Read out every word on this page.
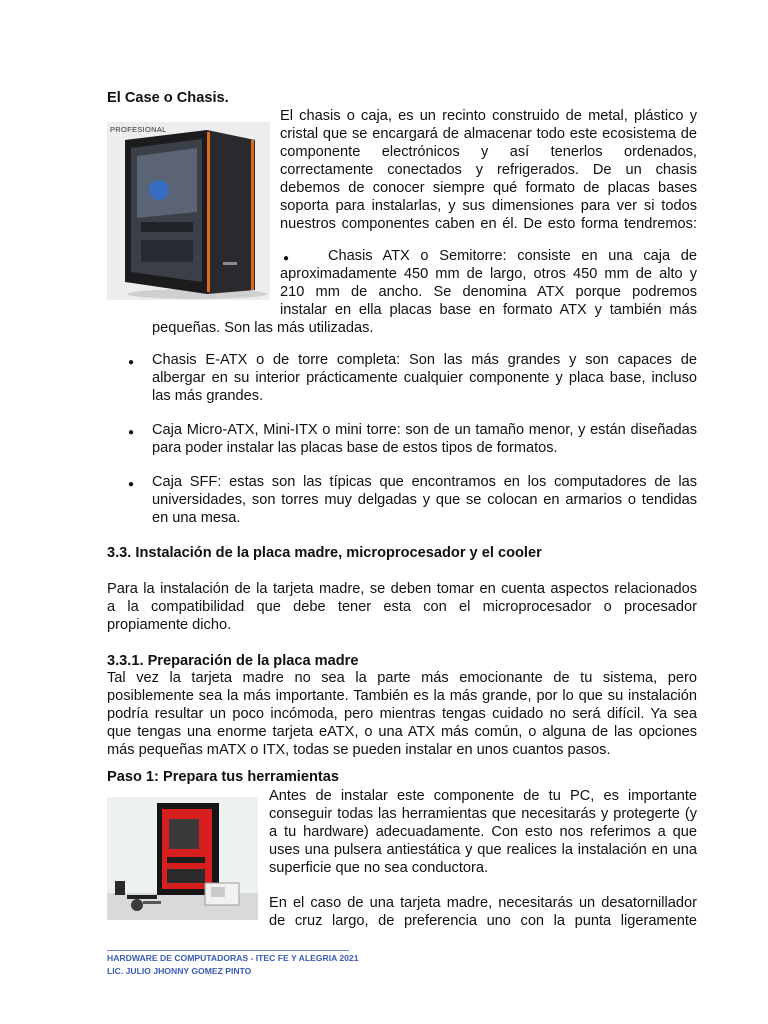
El Case o Chasis.
PROFESIONAL
El chasis o caja, es un recinto construido de metal, plástico y
cristal que se encargará de almacenar todo este ecosistema de
componente electrónicos y así tenerlos ordenados,
correctamente conectados y refrigerados. De un chasis
debemos de conocer siempre qué formato de placas bases
soporta para instalarlas, y sus dimensiones para ver si todos
nuestros componentes caben en él. De esto forma tendremos:
●	Chasis ATX o Semitorre: consiste en una caja de
aproximadamente 450 mm de largo, otros 450 mm de alto y
210 mm de ancho. Se denomina ATX porque podremos
instalar en ella placas base en formato ATX y también más
pequeñas. Son las más utilizadas.
● Chasis E-ATX o de torre completa: Son las más grandes y son capaces de
albergar en su interior prácticamente cualquier componente y placa base, incluso
las más grandes.
● Caja Micro-ATX, Mini-ITX o mini torre: son de un tamaño menor, y están diseñadas
para poder instalar las placas base de estos tipos de formatos.
● Caja SFF: estas son las típicas que encontramos en los computadores de las
universidades, son torres muy delgadas y que se colocan en armarios o tendidas
en una mesa.
3.3. Instalación de la placa madre, microprocesador y el cooler
Para la instalación de la tarjeta madre, se deben tomar en cuenta aspectos relacionados
a la compatibilidad que debe tener esta con el microprocesador o procesador
propiamente dicho.
3.3.1. Preparación de la placa madre
Tal vez la tarjeta madre no sea la parte más emocionante de tu sistema, pero
posiblemente sea la más importante. También es la más grande, por lo que su instalación
podría resultar un poco incómoda, pero mientras tengas cuidado no será difícil. Ya sea
que tengas una enorme tarjeta eATX, o una ATX más común, o alguna de las opciones
más pequeñas mATX o ITX, todas se pueden instalar en unos cuantos pasos.
Paso 1: Prepara tus herramientas
Antes de instalar este componente de tu PC, es importante
conseguir todas las herramientas que necesitarás y protegerte (y
a tu hardware) adecuadamente. Con esto nos referimos a que
uses una pulsera antiestática y que realices la instalación en una
superficie que no sea conductora.
En el caso de una tarjeta madre, necesitarás un desatornillador
de cruz largo, de preferencia uno con la punta ligeramente
HARDWARE DE COMPUTADORAS - ITEC FE Y ALEGRIA 2021
LIC. JULIO JHONNY GOMEZ PINTO
